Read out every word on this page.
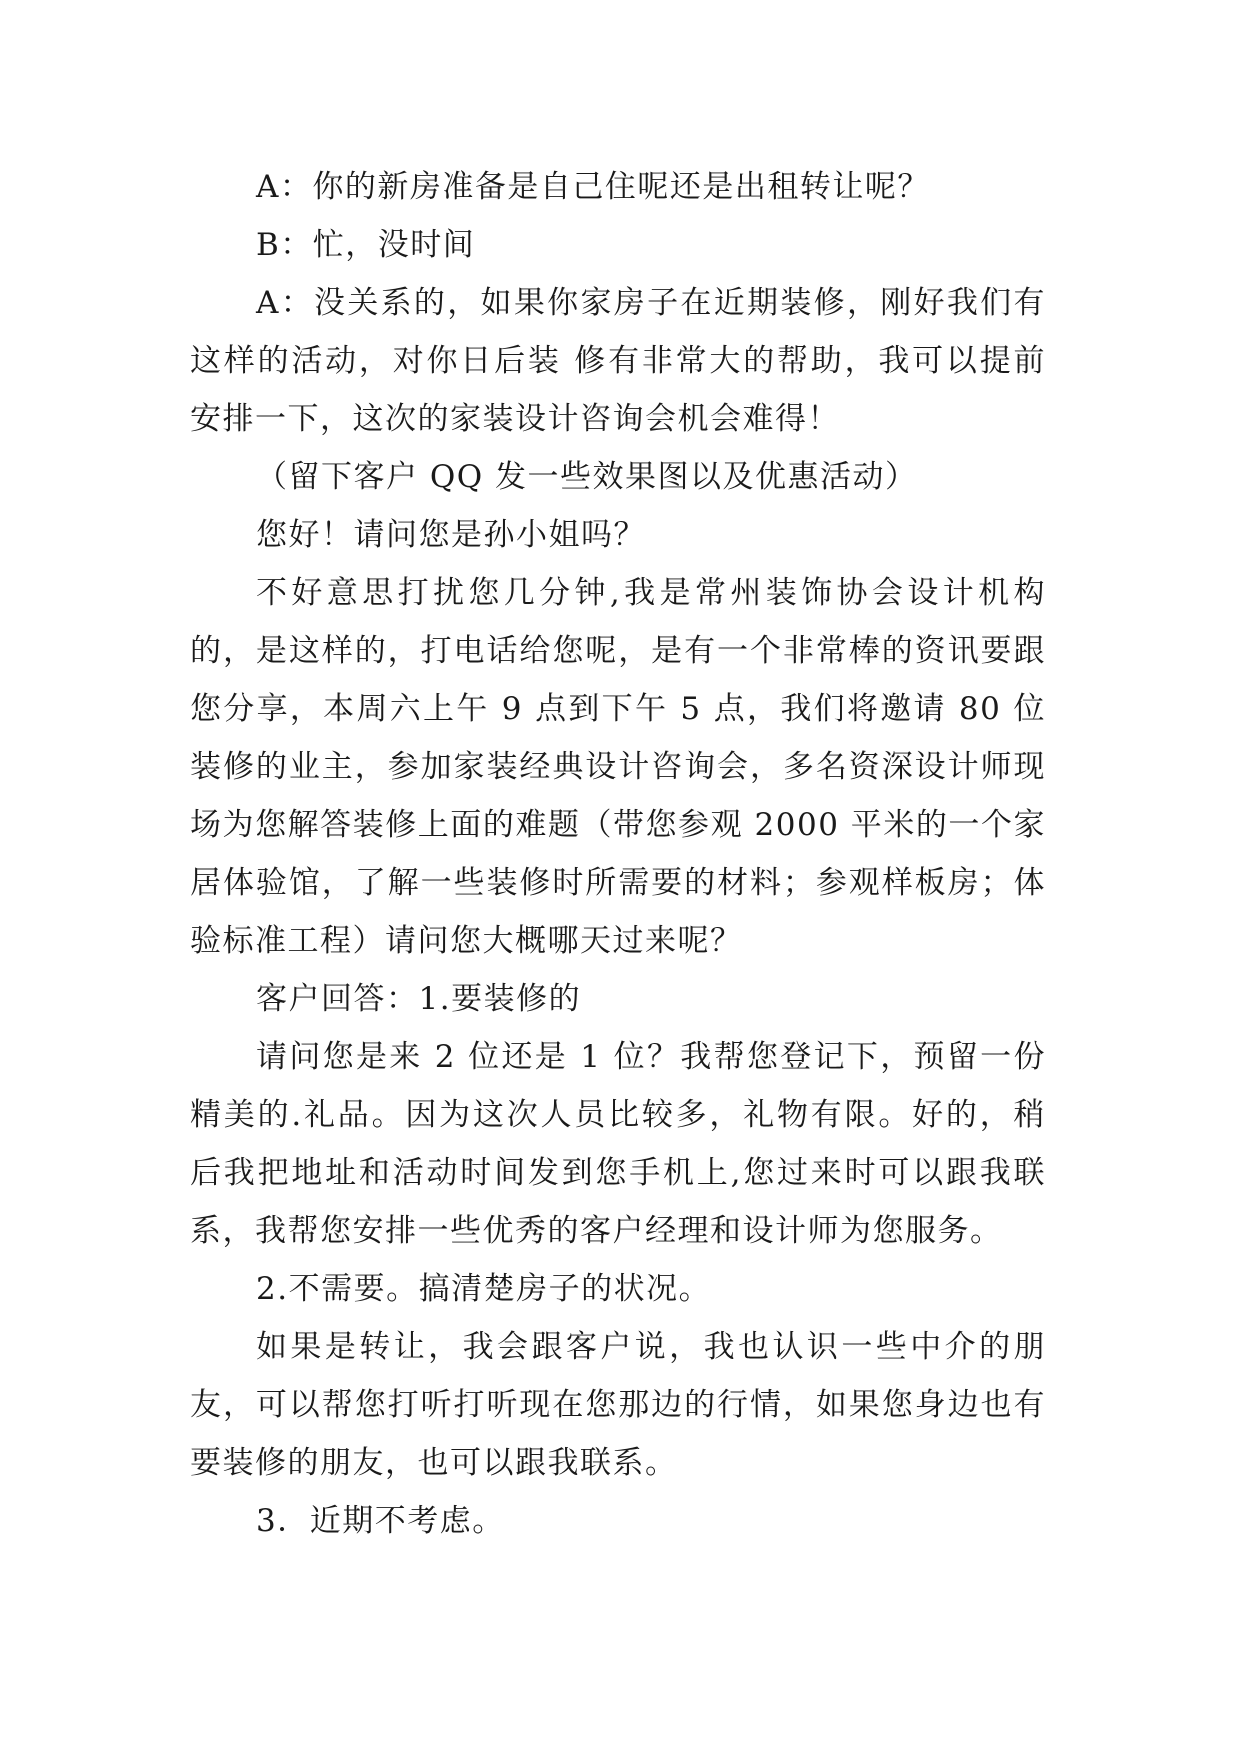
A：你的新房准备是自己住呢还是出租转让呢？

B：忙，没时间

A：没关系的，如果你家房子在近期装修，刚好我们有这样的活动，对你日后装 修有非常大的帮助，我可以提前安排一下，这次的家装设计咨询会机会难得！

（留下客户 QQ 发一些效果图以及优惠活动）

您好！请问您是孙小姐吗？

不好意思打扰您几分钟,我是常州装饰协会设计机构的，是这样的，打电话给您呢，是有一个非常棒的资讯要跟您分享，本周六上午 9 点到下午 5 点，我们将邀请 80 位装修的业主，参加家装经典设计咨询会，多名资深设计师现场为您解答装修上面的难题（带您参观 2000 平米的一个家居体验馆，了解一些装修时所需要的材料；参观样板房；体验标准工程）请问您大概哪天过来呢？

客户回答：1.要装修的

请问您是来 2 位还是 1 位？我帮您登记下，预留一份精美的.礼品。因为这次人员比较多，礼物有限。好的，稍后我把地址和活动时间发到您手机上,您过来时可以跟我联系，我帮您安排一些优秀的客户经理和设计师为您服务。

2.不需要。搞清楚房子的状况。

如果是转让，我会跟客户说，我也认识一些中介的朋友，可以帮您打听打听现在您那边的行情，如果您身边也有要装修的朋友，也可以跟我联系。

3．近期不考虑。
